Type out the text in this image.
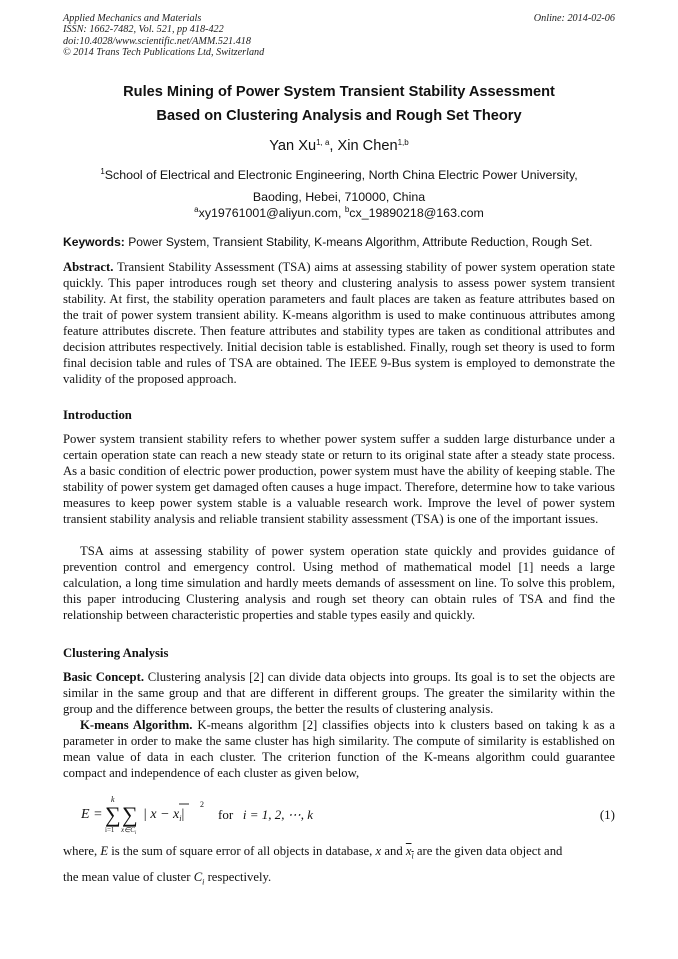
Applied Mechanics and Materials
ISSN: 1662-7482, Vol. 521, pp 418-422
doi:10.4028/www.scientific.net/AMM.521.418
© 2014 Trans Tech Publications Ltd, Switzerland
Online: 2014-02-06
Rules Mining of Power System Transient Stability Assessment
Based on Clustering Analysis and Rough Set Theory
Yan Xu$^{1, a}$, Xin Chen$^{1,b}$
$^1$School of Electrical and Electronic Engineering, North China Electric Power University,
Baoding, Hebei, 710000, China
$^a$xy19761001@aliyun.com, $^b$cx_19890218@163.com
Keywords: Power System, Transient Stability, K-means Algorithm, Attribute Reduction, Rough Set.

Abstract. Transient Stability Assessment (TSA) aims at assessing stability of power system operation state quickly. This paper introduces rough set theory and clustering analysis to assess power system transient stability. At first, the stability operation parameters and fault places are taken as feature attributes based on the trait of power system transient ability. K-means algorithm is used to make continuous attributes among feature attributes discrete. Then feature attributes and stability types are taken as conditional attributes and decision attributes respectively. Initial decision table is established. Finally, rough set theory is used to form final decision table and rules of TSA are obtained. The IEEE 9-Bus system is employed to demonstrate the validity of the proposed approach.

Introduction

Power system transient stability refers to whether power system suffer a sudden large disturbance under a certain operation state can reach a new steady state or return to its original state after a steady state process. As a basic condition of electric power production, power system must have the ability of keeping stable. The stability of power system get damaged often causes a huge impact. Therefore, determine how to take various measures to keep power system stable is a valuable research work. Improve the level of power system transient stability analysis and reliable transient stability assessment (TSA) is one of the important issues.

TSA aims at assessing stability of power system operation state quickly and provides guidance of prevention control and emergency control. Using method of mathematical model [1] needs a large calculation, a long time simulation and hardly meets demands of assessment on line. To solve this problem, this paper introducing Clustering analysis and rough set theory can obtain rules of TSA and find the relationship between characteristic properties and stable types easily and quickly.

Clustering Analysis

Basic Concept. Clustering analysis [2] can divide data objects into groups. Its goal is to set the objects are similar in the same group and that are different in different groups. The greater the similarity within the group and the difference between groups, the better the results of clustering analysis.

K-means Algorithm. K-means algorithm [2] classifies objects into k clusters based on taking k as a parameter in order to make the same cluster has high similarity. The compute of similarity is established on mean value of data in each cluster. The criterion function of the K-means algorithm could guarantee compact and independence of each cluster as given below,

E = ∑
k
i=1
∑
$x\in C_i$
| $x - x_i|$
2
for i = 1, 2, ⋯, k	(1)

where, E is the sum of square error of all objects in database, x and $x_i$ are the given data object and
the mean value of cluster $C_i$ respectively.
